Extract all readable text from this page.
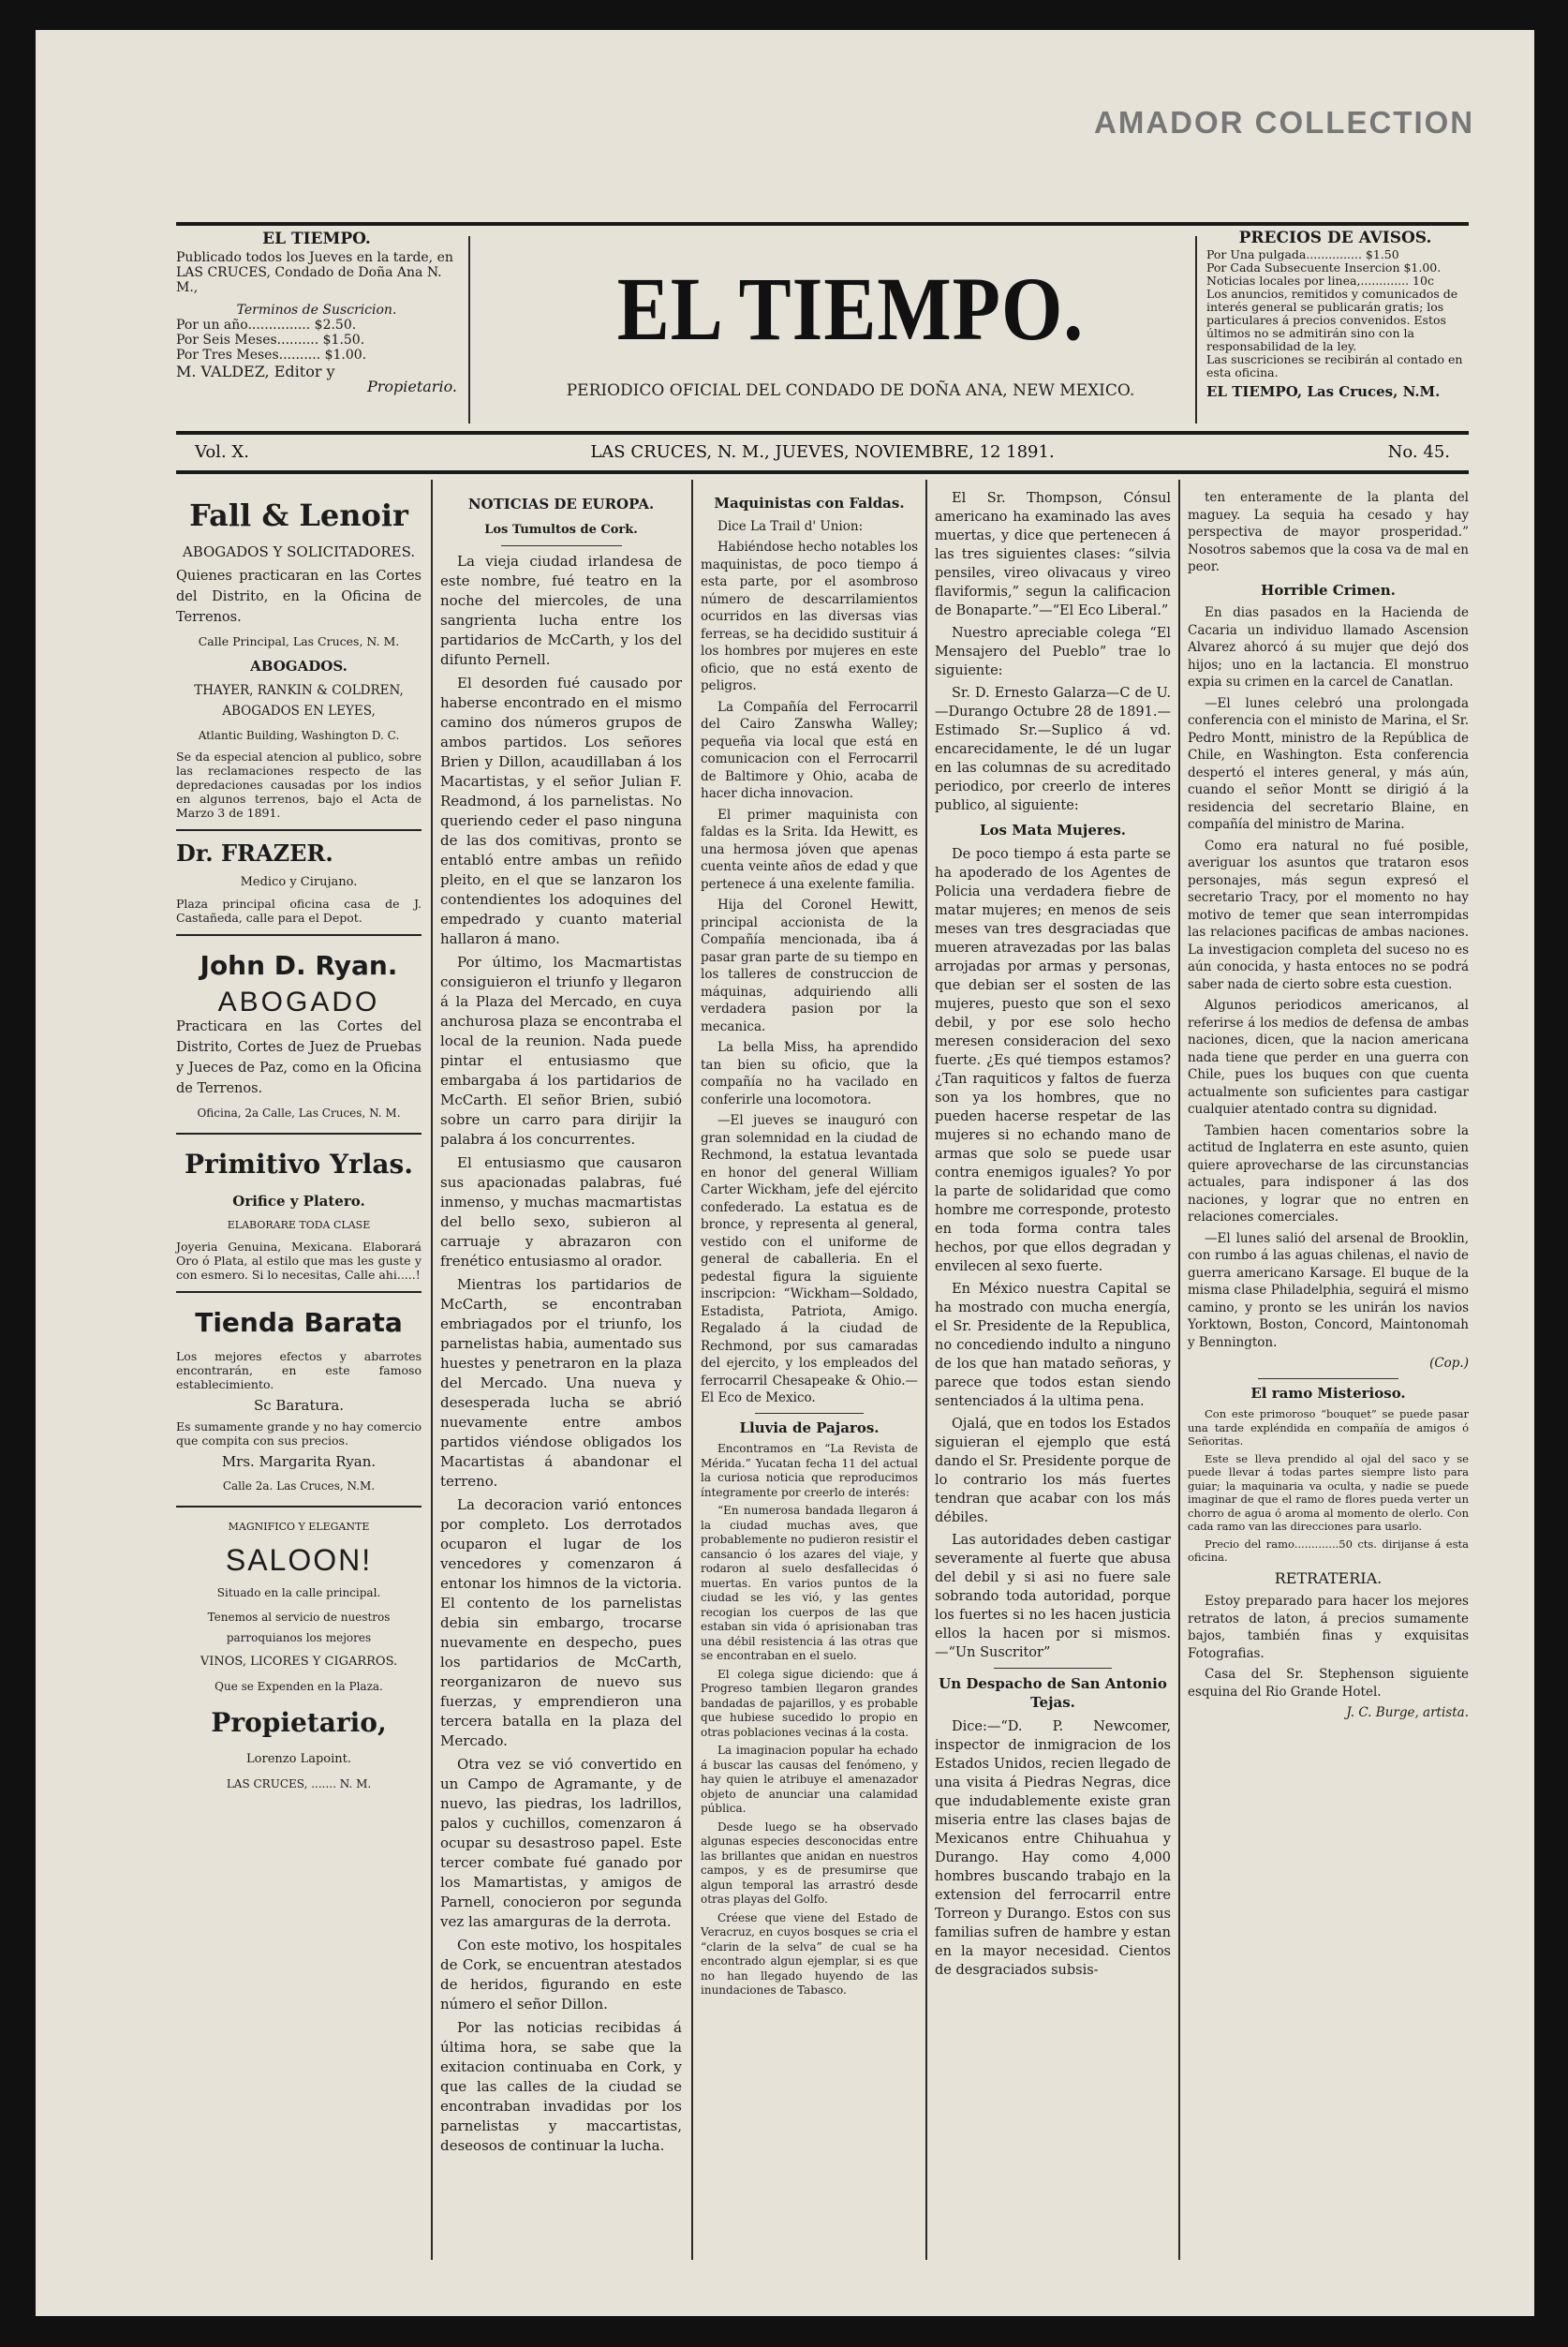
AMADOR COLLECTION
EL TIEMPO.
Publicado todos los Jueves en la tarde, en LAS CRUCES, Condado de Doña Ana N. M.,
Terminos de Suscricion.
Por un año............... $2.50.
Por Seis Meses.......... $1.50.
Por Tres Meses.......... $1.00.
M. VALDEZ, Editor y
Propietario.
EL TIEMPO.
PERIODICO OFICIAL DEL CONDADO DE DOÑA ANA, NEW MEXICO.
PRECIOS DE AVISOS.
Por Una pulgada............... $1.50
Por Cada Subsecuente Insercion $1.00.
Noticias locales por linea,............. 10c
Los anuncios, remitidos y comunicados de interés general se publicarán gratis; los particulares á precios convenidos. Estos últimos no se admitirán sino con la responsabilidad de la ley.
Las suscriciones se recibirán al contado en esta oficina.
EL TIEMPO, Las Cruces, N.M.
Vol. X.	LAS CRUCES, N. M., JUEVES, NOVIEMBRE, 12 1891.	No. 45.
Fall & Lenoir
ABOGADOS Y SOLICITADORES.
Quienes practicaran en las Cortes del Distrito, en la Oficina de Terrenos.
Calle Principal, Las Cruces, N. M.
ABOGADOS.
THAYER, RANKIN & COLDREN, ABOGADOS EN LEYES,
Atlantic Building, Washington D. C.
Se da especial atencion al publico, sobre las reclamaciones respecto de las depredaciones causadas por los indios en algunos terrenos, bajo el Acta de Marzo 3 de 1891.
Dr. FRAZER.
Medico y Cirujano.
Plaza principal oficina casa de J. Castañeda, calle para el Depot.
John D. Ryan.
ABOGADO
Practicara en las Cortes del Distrito, Cortes de Juez de Pruebas y Jueces de Paz, como en la Oficina de Terrenos.
Oficina, 2a Calle, Las Cruces, N. M.
Primitivo Yrlas.
Orifice y Platero.
ELABORARE TODA CLASE
Joyeria Genuina, Mexicana. Elaborará Oro ó Plata, al estilo que mas les guste y con esmero. Si lo necesitas, Calle ahi.....!
Tienda Barata
Los mejores efectos y abarrotes encontrarán, en este famoso establecimiento.
Sc Baratura.
Es sumamente grande y no hay comercio que compita con sus precios.
Mrs. Margarita Ryan.
Calle 2a. Las Cruces, N.M.
MAGNIFICO Y ELEGANTE
SALOON!
Situado en la calle principal.
Tenemos al servicio de nuestros parroquianos los mejores
VINOS, LICORES Y CIGARROS.
Que se Expenden en la Plaza.
Propietario,
Lorenzo Lapoint.
LAS CRUCES, ....... N. M.
NOTICIAS DE EUROPA.
Los Tumultos de Cork.

La vieja ciudad irlandesa de este nombre, fué teatro en la noche del miercoles, de una sangrienta lucha entre los partidarios de McCarth, y los del difunto Pernell.

El desorden fué causado por haberse encontrado en el mismo camino dos números grupos de ambos partidos. Los señores Brien y Dillon, acaudillaban á los Macartistas, y el señor Julian F. Readmond, á los parnelistas. No queriendo ceder el paso ninguna de las dos comitivas, pronto se entabló entre ambas un reñido pleito, en el que se lanzaron los contendientes los adoquines del empedrado y cuanto material hallaron á mano.

Por último, los Macmartistas consiguieron el triunfo y llegaron á la Plaza del Mercado, en cuya anchurosa plaza se encontraba el local de la reunion. Nada puede pintar el entusiasmo que embargaba á los partidarios de McCarth. El señor Brien, subió sobre un carro para dirijir la palabra á los concurrentes.

El entusiasmo que causaron sus apacionadas palabras, fué inmenso, y muchas macmartistas del bello sexo, subieron al carruaje y abrazaron con frenético entusiasmo al orador.

Mientras los partidarios de McCarth, se encontraban embriagados por el triunfo, los parnelistas habia, aumentado sus huestes y penetraron en la plaza del Mercado. Una nueva y desesperada lucha se abrió nuevamente entre ambos partidos viéndose obligados los Macartistas á abandonar el terreno.

La decoracion varió entonces por completo. Los derrotados ocuparon el lugar de los vencedores y comenzaron á entonar los himnos de la victoria. El contento de los parnelistas debia sin embargo, trocarse nuevamente en despecho, pues los partidarios de McCarth, reorganizaron de nuevo sus fuerzas, y emprendieron una tercera batalla en la plaza del Mercado.

Otra vez se vió convertido en un Campo de Agramante, y de nuevo, las piedras, los ladrillos, palos y cuchillos, comenzaron á ocupar su desastroso papel. Este tercer combate fué ganado por los Mamartistas, y amigos de Parnell, conocieron por segunda vez las amarguras de la derrota.

Con este motivo, los hospitales de Cork, se encuentran atestados de heridos, figurando en este número el señor Dillon.

Por las noticias recibidas á última hora, se sabe que la exitacion continuaba en Cork, y que las calles de la ciudad se encontraban invadidas por los parnelistas y maccartistas, deseosos de continuar la lucha.

Maquinistas con Faldas.

Dice La Trail d' Union:

Habiéndose hecho notables los maquinistas, de poco tiempo á esta parte, por el asombroso número de descarrilamientos ocurridos en las diversas vias ferreas, se ha decidido sustituir á los hombres por mujeres en este oficio, que no está exento de peligros.

La Compañía del Ferrocarril del Cairo Zanswha Walley; pequeña via local que está en comunicacion con el Ferrocarril de Baltimore y Ohio, acaba de hacer dicha innovacion.

El primer maquinista con faldas es la Srita. Ida Hewitt, es una hermosa jóven que apenas cuenta veinte años de edad y que pertenece á una exelente familia.

Hija del Coronel Hewitt, principal accionista de la Compañía mencionada, iba á pasar gran parte de su tiempo en los talleres de construccion de máquinas, adquiriendo alli verdadera pasion por la mecanica.

La bella Miss, ha aprendido tan bien su oficio, que la compañía no ha vacilado en conferirle una locomotora.

—El jueves se inauguró con gran solemnidad en la ciudad de Rechmond, la estatua levantada en honor del general William Carter Wickham, jefe del ejército confederado. La estatua es de bronce, y representa al general, vestido con el uniforme de general de caballeria. En el pedestal figura la siguiente inscripcion: “Wickham—Soldado, Estadista, Patriota, Amigo. Regalado á la ciudad de Rechmond, por sus camaradas del ejercito, y los empleados del ferrocarril Chesapeake & Ohio.—El Eco de Mexico.

Lluvia de Pajaros.

Encontramos en “La Revista de Mérida.” Yucatan fecha 11 del actual la curiosa noticia que reproducimos íntegramente por creerlo de interés:

“En numerosa bandada llegaron á la ciudad muchas aves, que probablemente no pudieron resistir el cansancio ó los azares del viaje, y rodaron al suelo desfallecidas ó muertas. En varios puntos de la ciudad se les vió, y las gentes recogian los cuerpos de las que estaban sin vida ó aprisionaban tras una débil resistencia á las otras que se encontraban en el suelo.

El colega sigue diciendo: que á Progreso tambien llegaron grandes bandadas de pajarillos, y es probable que hubiese sucedido lo propio en otras poblaciones vecinas á la costa.

La imaginacion popular ha echado á buscar las causas del fenómeno, y hay quien le atribuye el amenazador objeto de anunciar una calamidad pública.

Desde luego se ha observado algunas especies desconocidas entre las brillantes que anidan en nuestros campos, y es de presumirse que algun temporal las arrastró desde otras playas del Golfo.

Créese que viene del Estado de Veracruz, en cuyos bosques se cria el “clarin de la selva” de cual se ha encontrado algun ejemplar, si es que no han llegado huyendo de las inundaciones de Tabasco.

El Sr. Thompson, Cónsul americano ha examinado las aves muertas, y dice que pertenecen á las tres siguientes clases: “silvia pensiles, vireo olivacaus y vireo flaviformis,” segun la calificacion de Bonaparte.”—“El Eco Liberal.”

Nuestro apreciable colega “El Mensajero del Pueblo” trae lo siguiente:

Sr. D. Ernesto Galarza—C de U.—Durango Octubre 28 de 1891.—Estimado Sr.—Suplico á vd. encarecidamente, le dé un lugar en las columnas de su acreditado periodico, por creerlo de interes publico, al siguiente:

Los Mata Mujeres.

De poco tiempo á esta parte se ha apoderado de los Agentes de Policia una verdadera fiebre de matar mujeres; en menos de seis meses van tres desgraciadas que mueren atravezadas por las balas arrojadas por armas y personas, que debian ser el sosten de las mujeres, puesto que son el sexo debil, y por ese solo hecho meresen consideracion del sexo fuerte. ¿Es qué tiempos estamos? ¿Tan raquiticos y faltos de fuerza son ya los hombres, que no pueden hacerse respetar de las mujeres si no echando mano de armas que solo se puede usar contra enemigos iguales? Yo por la parte de solidaridad que como hombre me corresponde, protesto en toda forma contra tales hechos, por que ellos degradan y envilecen al sexo fuerte.

En México nuestra Capital se ha mostrado con mucha energía, el Sr. Presidente de la Republica, no concediendo indulto a ninguno de los que han matado señoras, y parece que todos estan siendo sentenciados á la ultima pena.

Ojalá, que en todos los Estados siguieran el ejemplo que está dando el Sr. Presidente porque de lo contrario los más fuertes tendran que acabar con los más débiles.

Las autoridades deben castigar severamente al fuerte que abusa del debil y si asi no fuere sale sobrando toda autoridad, porque los fuertes si no les hacen justicia ellos la hacen por si mismos.—“Un Suscritor”

Un Despacho de San Antonio Tejas.

Dice:—“D. P. Newcomer, inspector de inmigracion de los Estados Unidos, recien llegado de una visita á Piedras Negras, dice que indudablemente existe gran miseria entre las clases bajas de Mexicanos entre Chihuahua y Durango. Hay como 4,000 hombres buscando trabajo en la extension del ferrocarril entre Torreon y Durango. Estos con sus familias sufren de hambre y estan en la mayor necesidad. Cientos de desgraciados subsis-

ten enteramente de la planta del maguey. La sequia ha cesado y hay perspectiva de mayor prosperidad.” Nosotros sabemos que la cosa va de mal en peor.

Horrible Crimen.

En dias pasados en la Hacienda de Cacaria un individuo llamado Ascension Alvarez ahorcó á su mujer que dejó dos hijos; uno en la lactancia. El monstruo expia su crimen en la carcel de Canatlan.

—El lunes celebró una prolongada conferencia con el ministo de Marina, el Sr. Pedro Montt, ministro de la República de Chile, en Washington. Esta conferencia despertó el interes general, y más aún, cuando el señor Montt se dirigió á la residencia del secretario Blaine, en compañía del ministro de Marina.

Como era natural no fué posible, averiguar los asuntos que trataron esos personajes, más segun expresó el secretario Tracy, por el momento no hay motivo de temer que sean interrompidas las relaciones pacificas de ambas naciones. La investigacion completa del suceso no es aún conocida, y hasta entoces no se podrá saber nada de cierto sobre esta cuestion.

Algunos periodicos americanos, al referirse á los medios de defensa de ambas naciones, dicen, que la nacion americana nada tiene que perder en una guerra con Chile, pues los buques con que cuenta actualmente son suficientes para castigar cualquier atentado contra su dignidad.

Tambien hacen comentarios sobre la actitud de Inglaterra en este asunto, quien quiere aprovecharse de las circunstancias actuales, para indisponer á las dos naciones, y lograr que no entren en relaciones comerciales.

—El lunes salió del arsenal de Brooklin, con rumbo á las aguas chilenas, el navio de guerra americano Karsage. El buque de la misma clase Philadelphia, seguirá el mismo camino, y pronto se les unirán los navios Yorktown, Boston, Concord, Maintonomah y Bennington.

(Cop.)
El ramo Misterioso.

Con este primoroso “bouquet” se puede pasar una tarde expléndida en compañía de amigos ó Señoritas.

Este se lleva prendido al ojal del saco y se puede llevar á todas partes siempre listo para guiar; la maquinaria va oculta, y nadie se puede imaginar de que el ramo de flores pueda verter un chorro de agua ó aroma al momento de olerlo. Con cada ramo van las direcciones para usarlo.

Precio del ramo.............50 cts. dirijanse á esta oficina.

RETRATERIA.

Estoy preparado para hacer los mejores retratos de laton, á precios sumamente bajos, también finas y exquisitas Fotografias.

Casa del Sr. Stephenson siguiente esquina del Rio Grande Hotel.

J. C. Burge, artista.
